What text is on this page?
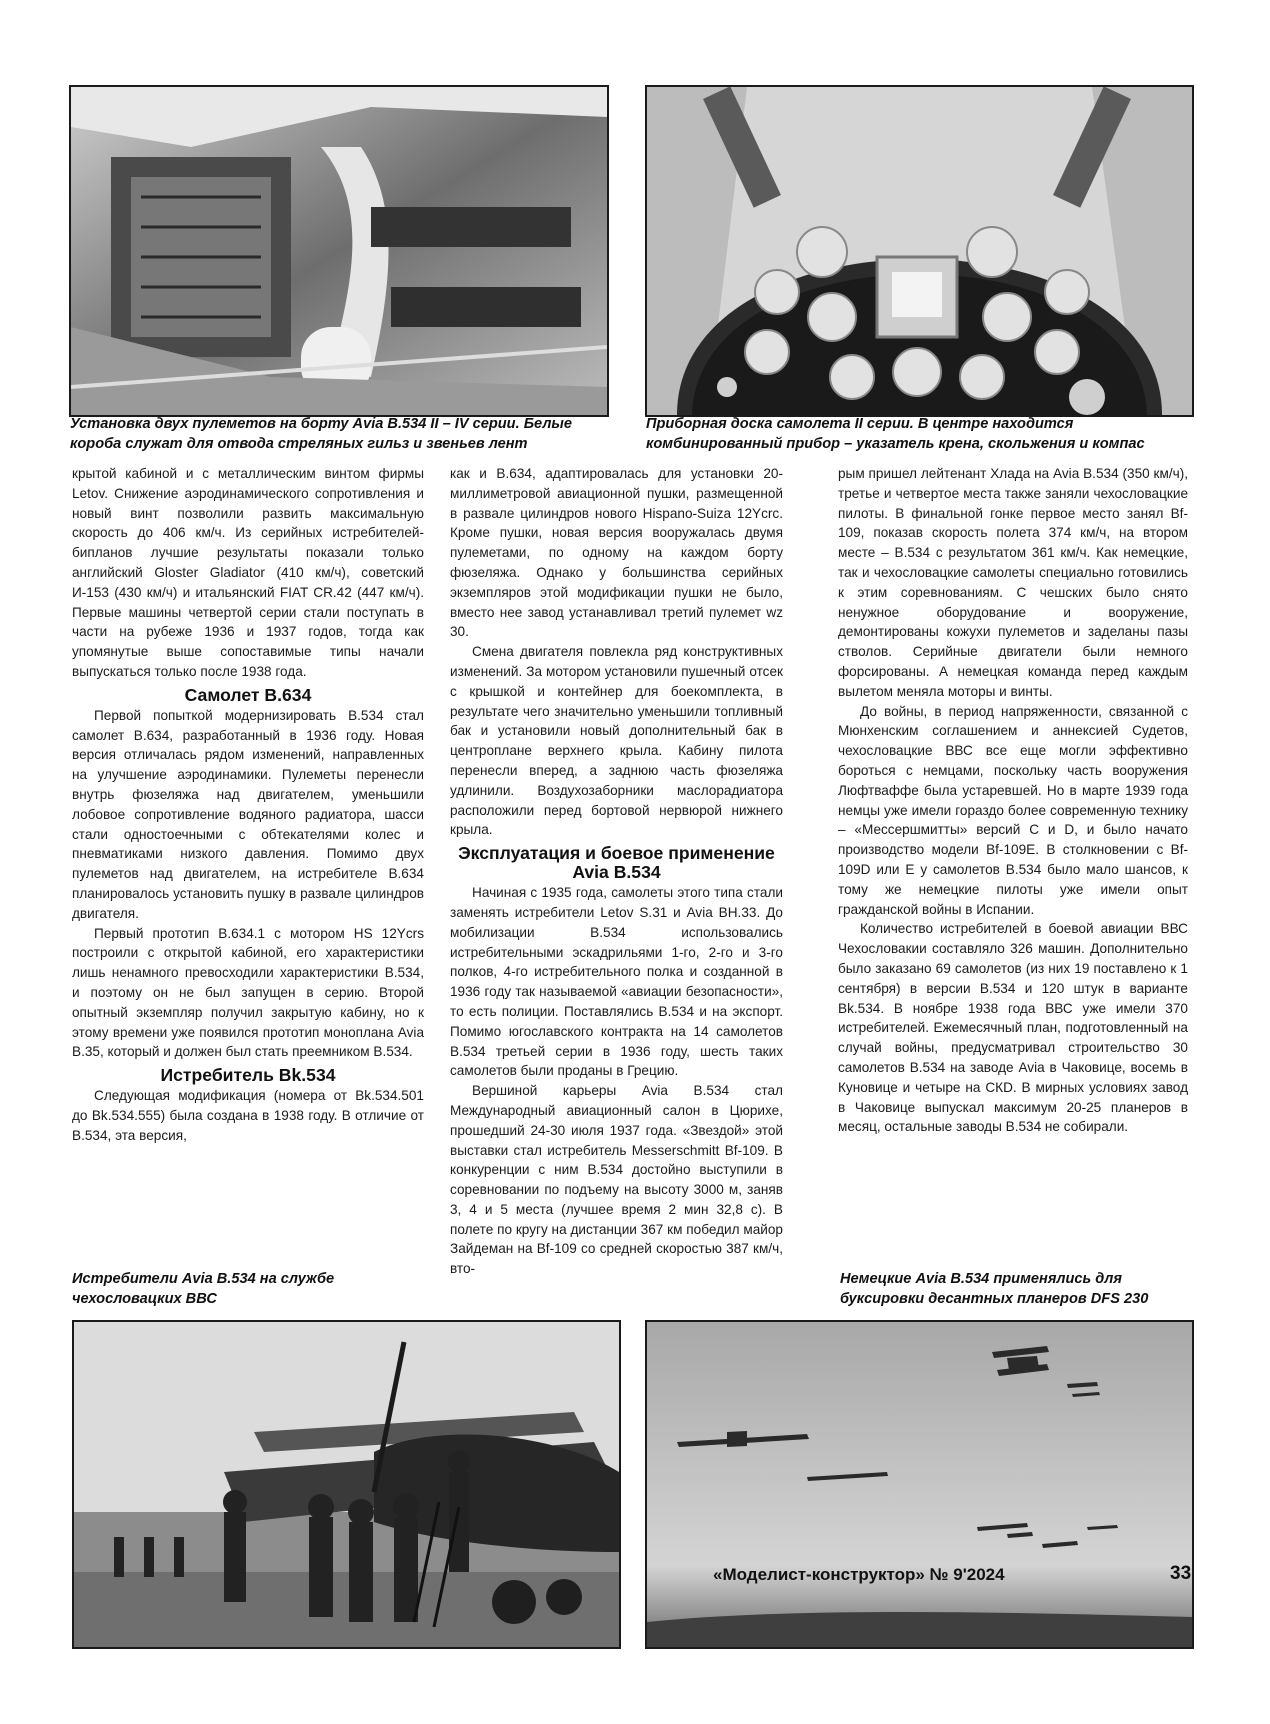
Установка двух пулеметов на борту Avia B.534 II – IV серии. Белые короба служат для отвода стреляных гильз и звеньев лент
Приборная доска самолета II серии. В центре находится комбинированный прибор – указатель крена, скольжения и компас

крытой кабиной и с металлическим винтом фирмы Letov. Снижение аэродинамического сопротивления и новый винт позволили развить максимальную скорость до 406 км/ч. Из серийных истребителей-бипланов лучшие результаты показали только английский Gloster Gladiator (410 км/ч), советский И-153 (430 км/ч) и итальянский FIAT CR.42 (447 км/ч). Первые машины четвертой серии стали поступать в части на рубеже 1936 и 1937 годов, тогда как упомянутые выше сопоставимые типы начали выпускаться только после 1938 года.

Самолет B.634

Первой попыткой модернизировать B.534 стал самолет B.634, разработанный в 1936 году. Новая версия отличалась рядом изменений, направленных на улучшение аэродинамики. Пулеметы перенесли внутрь фюзеляжа над двигателем, уменьшили лобовое сопротивление водяного радиатора, шасси стали одностоечными с обтекателями колес и пневматиками низкого давления. Помимо двух пулеметов над двигателем, на истребителе B.634 планировалось установить пушку в развале цилиндров двигателя.

Первый прототип B.634.1 с мотором HS 12Ycrs построили с открытой кабиной, его характеристики лишь ненамного превосходили характеристики B.534, и поэтому он не был запущен в серию. Второй опытный экземпляр получил закрытую кабину, но к этому времени уже появился прототип моноплана Avia B.35, который и должен был стать преемником B.534.

Истребитель Bk.534

Следующая модификация (номера от Bk.534.501 до Bk.534.555) была создана в 1938 году. В отличие от B.534, эта версия,

как и B.634, адаптировалась для установки 20-миллиметровой авиационной пушки, размещенной в развале цилиндров нового Hispano-Suiza 12Ycrc. Кроме пушки, новая версия вооружалась двумя пулеметами, по одному на каждом борту фюзеляжа. Однако у большинства серийных экземпляров этой модификации пушки не было, вместо нее завод устанавливал третий пулемет wz 30.

Смена двигателя повлекла ряд конструктивных изменений. За мотором установили пушечный отсек с крышкой и контейнер для боекомплекта, в результате чего значительно уменьшили топливный бак и установили новый дополнительный бак в центроплане верхнего крыла. Кабину пилота перенесли вперед, а заднюю часть фюзеляжа удлинили. Воздухозаборники маслорадиатора расположили перед бортовой нервюрой нижнего крыла.

Эксплуатация и боевое применение Avia B.534

Начиная с 1935 года, самолеты этого типа стали заменять истребители Letov S.31 и Avia BH.33. До мобилизации B.534 использовались истребительными эскадрильями 1-го, 2-го и 3-го полков, 4-го истребительного полка и созданной в 1936 году так называемой «авиации безопасности», то есть полиции. Поставлялись B.534 и на экспорт. Помимо югославского контракта на 14 самолетов B.534 третьей серии в 1936 году, шесть таких самолетов были проданы в Грецию.

Вершиной карьеры Avia B.534 стал Международный авиационный салон в Цюрихе, прошедший 24-30 июля 1937 года. «Звездой» этой выставки стал истребитель Messerschmitt Bf-109. В конкуренции с ним B.534 достойно выступили в соревновании по подъему на высоту 3000 м, заняв 3, 4 и 5 места (лучшее время 2 мин 32,8 с). В полете по кругу на дистанции 367 км победил майор Зайдеман на Bf-109 со средней скоростью 387 км/ч, вто-

рым пришел лейтенант Хлада на Avia B.534 (350 км/ч), третье и четвертое места также заняли чехословацкие пилоты. В финальной гонке первое место занял Bf-109, показав скорость полета 374 км/ч, на втором месте – B.534 с результатом 361 км/ч. Как немецкие, так и чехословацкие самолеты специально готовились к этим соревнованиям. С чешских было снято ненужное оборудование и вооружение, демонтированы кожухи пулеметов и заделаны пазы стволов. Серийные двигатели были немного форсированы. А немецкая команда перед каждым вылетом меняла моторы и винты.

До войны, в период напряженности, связанной с Мюнхенским соглашением и аннексией Судетов, чехословацкие ВВС все еще могли эффективно бороться с немцами, поскольку часть вооружения Люфтваффе была устаревшей. Но в марте 1939 года немцы уже имели гораздо более современную технику – «Мессершмитты» версий C и D, и было начато производство модели Bf-109E. В столкновении с Bf-109D или E у самолетов B.534 было мало шансов, к тому же немецкие пилоты уже имели опыт гражданской войны в Испании.

Количество истребителей в боевой авиации ВВС Чехословакии составляло 326 машин. Дополнительно было заказано 69 самолетов (из них 19 поставлено к 1 сентября) в версии B.534 и 120 штук в варианте Bk.534. В ноябре 1938 года ВВС уже имели 370 истребителей. Ежемесячный план, подготовленный на случай войны, предусматривал строительство 30 самолетов B.534 на заводе Avia в Чаковице, восемь в Куновице и четыре на СКD. В мирных условиях завод в Чаковице выпускал максимум 20-25 планеров в месяц, остальные заводы B.534 не собирали.

Истребители Avia B.534 на службе чехословацких ВВС
Немецкие Avia B.534 применялись для буксировки десантных планеров DFS 230
«Моделист-конструктор» № 9'2024	33
